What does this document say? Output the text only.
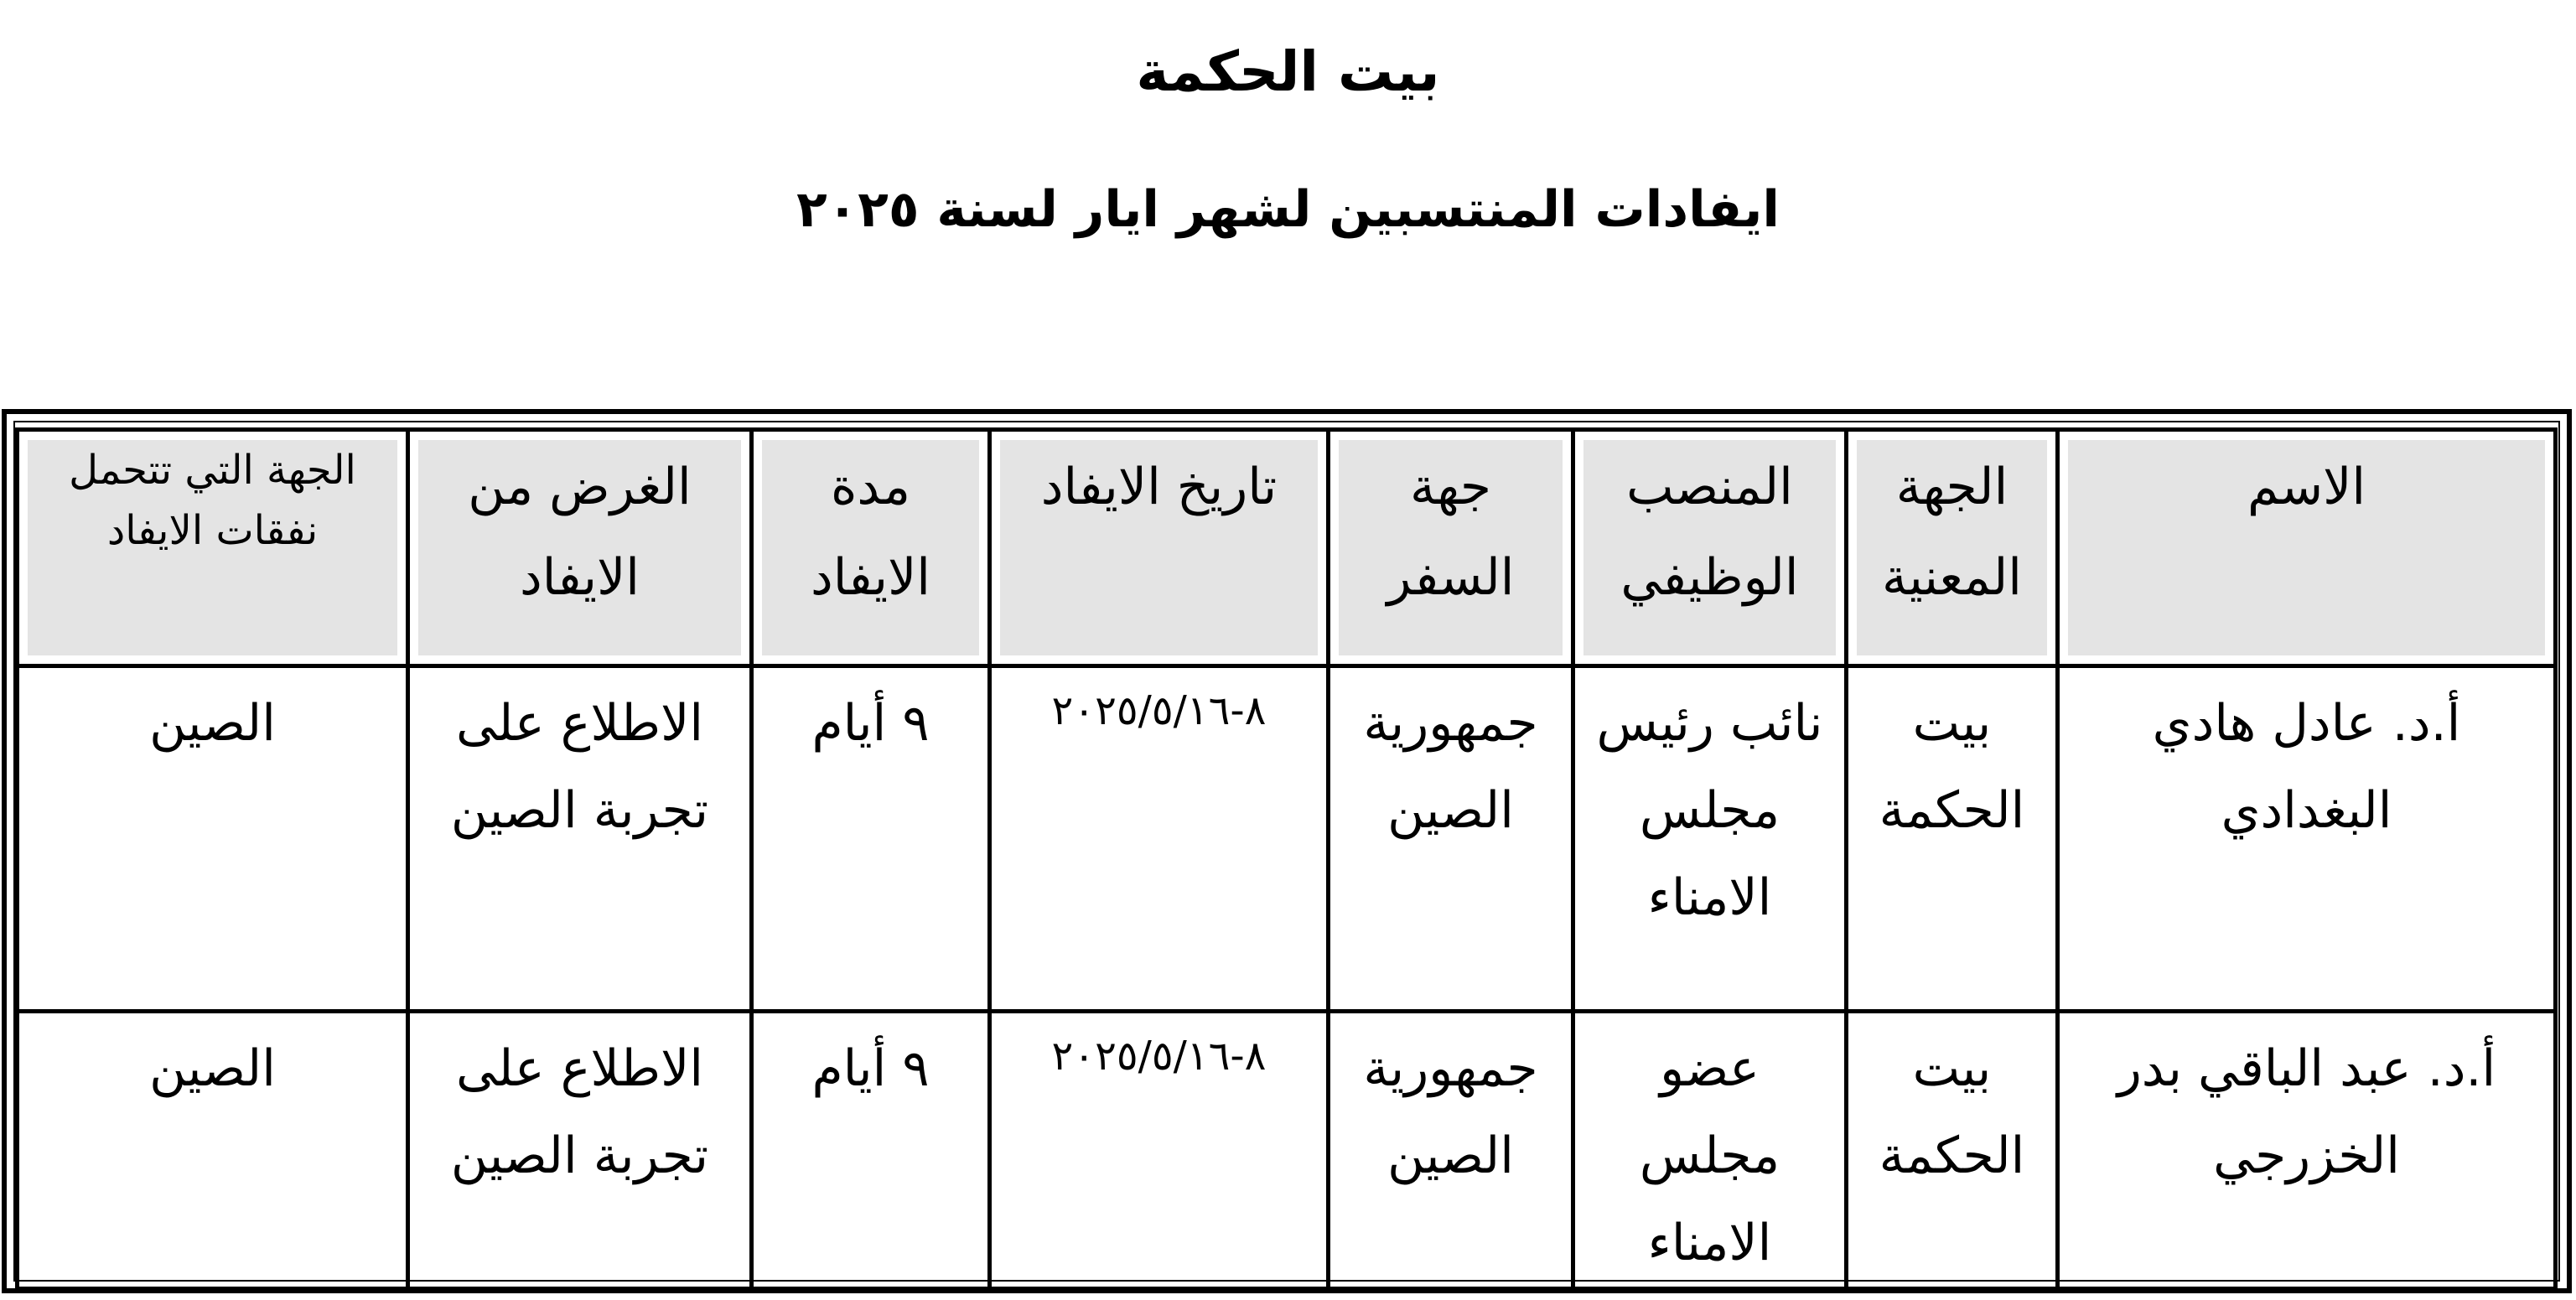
بيت الحكمة
ايفادات المنتسبين لشهر ايار لسنة ٢٠٢٥
الاسم	الجهة المعنية	المنصب الوظيفي	جهة السفر	تاريخ الايفاد	مدة الايفاد	الغرض من الايفاد	الجهة التي تتحمل نفقات الايفاد
أ.د. عادل هادي البغدادي	بيت الحكمة	نائب رئيس مجلس الامناء	جمهورية الصين	٨-٢٠٢٥/٥/١٦	٩ أيام	الاطلاع على تجربة الصين	الصين
أ.د. عبد الباقي بدر الخزرجي	بيت الحكمة	عضو مجلس الامناء	جمهورية الصين	٨-٢٠٢٥/٥/١٦	٩ أيام	الاطلاع على تجربة الصين	الصين
